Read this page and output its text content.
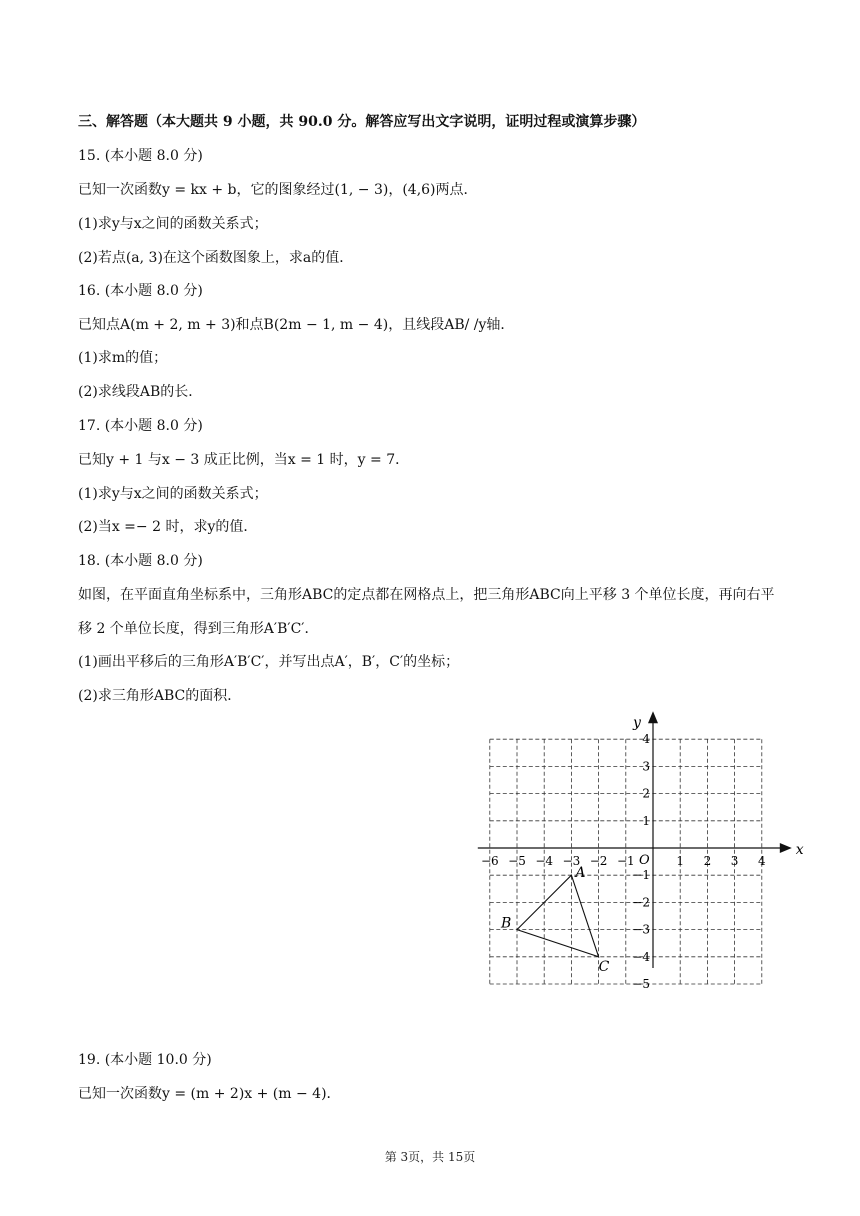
三、解答题（本大题共 9 小题，共 90.0 分。解答应写出文字说明，证明过程或演算步骤）
15. (本小题 8.0 分)
已知一次函数y = kx + b，它的图象经过(1, − 3)，(4,6)两点．
(1)求y与x之间的函数关系式；
(2)若点(a, 3)在这个函数图象上，求a的值．
16. (本小题 8.0 分)
已知点A(m + 2, m + 3)和点B(2m − 1, m − 4)，且线段AB/ /y轴．
(1)求m的值；
(2)求线段AB的长．
17. (本小题 8.0 分)
已知y + 1 与x − 3 成正比例，当x = 1 时，y = 7．
(1)求y与x之间的函数关系式；
(2)当x =− 2 时，求y的值．
18. (本小题 8.0 分)
如图，在平面直角坐标系中，三角形ABC的定点都在网格点上，把三角形ABC向上平移 3 个单位长度，再向右平移 2 个单位长度，得到三角形A′B′C′．
(1)画出平移后的三角形A′B′C′，并写出点A′，B′，C′的坐标；
(2)求三角形ABC的面积．
x
y
O
−6 −5 −4 −3 −2 −1	1 2 3 4
4
3
2
1
−1
−2
−3
−4
−5
A
B
C
19. (本小题 10.0 分)
已知一次函数y = (m + 2)x + (m − 4)．
第 3页，共 15页
